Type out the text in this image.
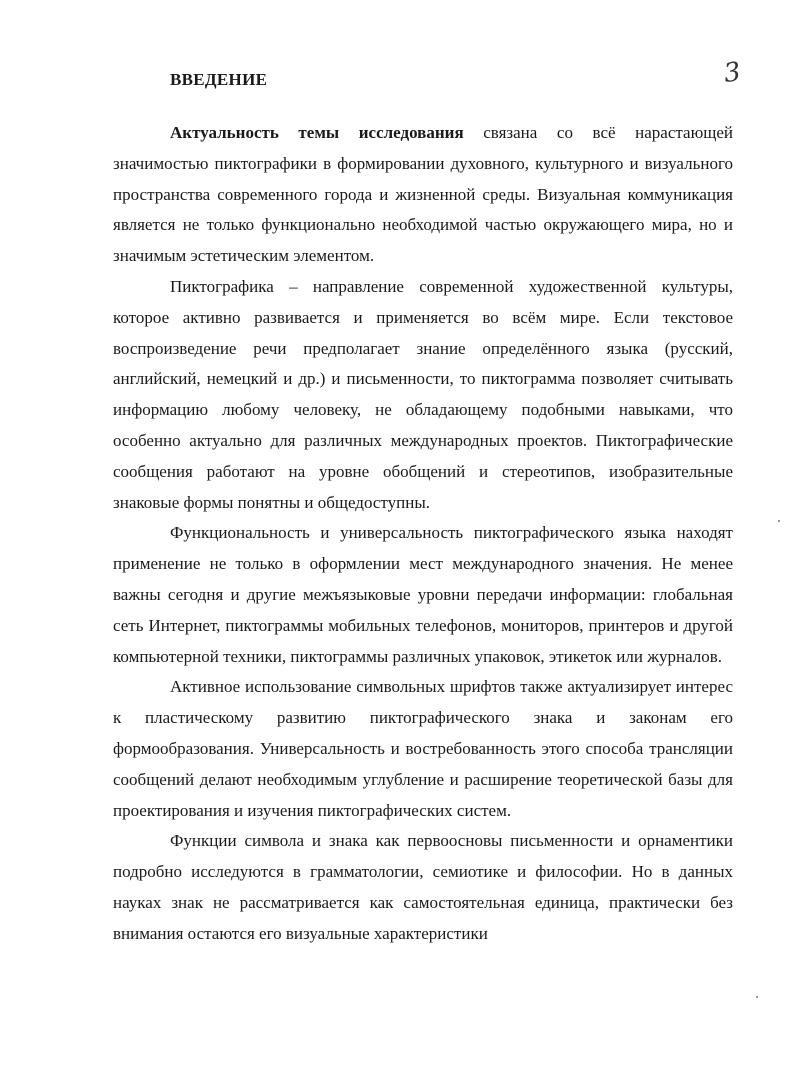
ВВЕДЕНИЕ	3

Актуальность темы исследования связана со всё нарастающей значимостью пиктографики в формировании духовного, культурного и визуального пространства современного города и жизненной среды. Визуальная коммуникация является не только функционально необходимой частью окружающего мира, но и значимым эстетическим элементом.

Пиктографика – направление современной художественной культуры, которое активно развивается и применяется во всём мире. Если текстовое воспроизведение речи предполагает знание определённого языка (русский, английский, немецкий и др.) и письменности, то пиктограмма позволяет считывать информацию любому человеку, не обладающему подобными навыками, что особенно актуально для различных международных проектов. Пиктографические сообщения работают на уровне обобщений и стереотипов, изобразительные знаковые формы понятны и общедоступны.

Функциональность и универсальность пиктографического языка находят применение не только в оформлении мест международного значения. Не менее важны сегодня и другие межъязыковые уровни передачи информации: глобальная сеть Интернет, пиктограммы мобильных телефонов, мониторов, принтеров и другой компьютерной техники, пиктограммы различных упаковок, этикеток или журналов.

Активное использование символьных шрифтов также актуализирует интерес к пластическому развитию пиктографического знака и законам его формообразования. Универсальность и востребованность этого способа трансляции сообщений делают необходимым углубление и расширение теоретической базы для проектирования и изучения пиктографических систем.

Функции символа и знака как первоосновы письменности и орнаментики подробно исследуются в грамматологии, семиотике и философии. Но в данных науках знак не рассматривается как самостоятельная единица, практически без внимания остаются его визуальные характеристики
